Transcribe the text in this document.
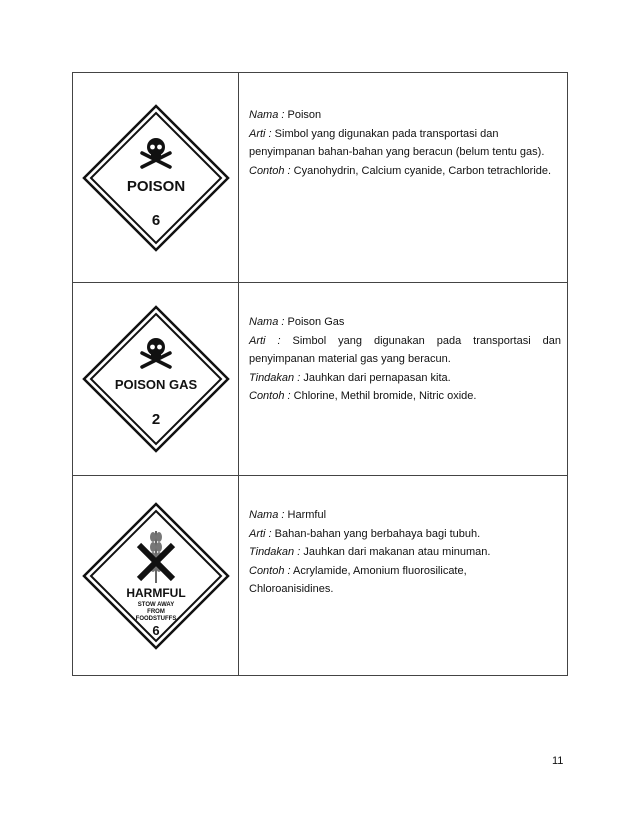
POISON
6
Nama : Poison
Arti : Simbol yang digunakan pada transportasi dan
penyimpanan bahan-bahan yang beracun (belum tentu gas).
Contoh : Cyanohydrin, Calcium cyanide, Carbon tetrachloride.
POISON GAS
2
Nama : Poison Gas
Arti : Simbol yang digunakan pada transportasi dan
penyimpanan material gas yang beracun.
Tindakan : Jauhkan dari pernapasan kita.
Contoh : Chlorine, Methil bromide, Nitric oxide.
HARMFUL
STOW AWAY
FROM
FOODSTUFFS
6
Nama : Harmful
Arti : Bahan-bahan yang berbahaya bagi tubuh.
Tindakan : Jauhkan dari makanan atau minuman.
Contoh : Acrylamide, Amonium fluorosilicate,
Chloroanisidines.
11
